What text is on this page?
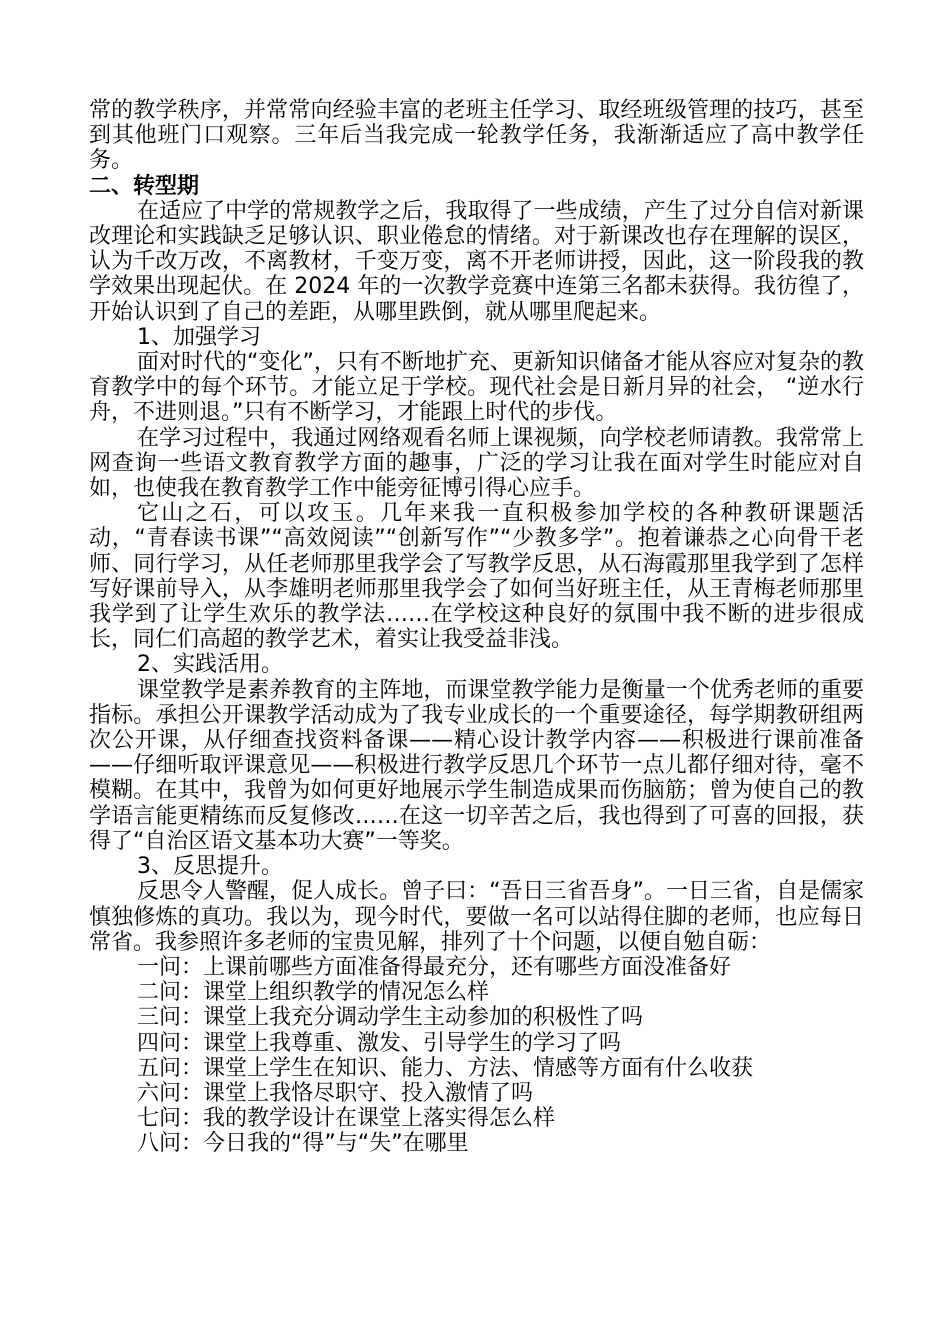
常的教学秩序，并常常向经验丰富的老班主任学习、取经班级管理的技巧，甚至到其他班门口观察。三年后当我完成一轮教学任务，我渐渐适应了高中教学任务。

二、转型期

在适应了中学的常规教学之后，我取得了一些成绩，产生了过分自信对新课改理论和实践缺乏足够认识、职业倦怠的情绪。对于新课改也存在理解的误区，认为千改万改，不离教材，千变万变，离不开老师讲授，因此，这一阶段我的教学效果出现起伏。在 2024 年的一次教学竞赛中连第三名都未获得。我彷徨了，开始认识到了自己的差距，从哪里跌倒，就从哪里爬起来。

1、加强学习

面对时代的“变化”，只有不断地扩充、更新知识储备才能从容应对复杂的教育教学中的每个环节。才能立足于学校。现代社会是日新月异的社会， “逆水行舟，不进则退。”只有不断学习，才能跟上时代的步伐。

在学习过程中，我通过网络观看名师上课视频，向学校老师请教。我常常上网查询一些语文教育教学方面的趣事，广泛的学习让我在面对学生时能应对自如，也使我在教育教学工作中能旁征博引得心应手。

它山之石，可以攻玉。几年来我一直积极参加学校的各种教研课题活动，“青春读书课”“高效阅读”“创新写作”“少教多学”。抱着谦恭之心向骨干老师、同行学习，从任老师那里我学会了写教学反思，从石海霞那里我学到了怎样写好课前导入，从李雄明老师那里我学会了如何当好班主任，从王青梅老师那里我学到了让学生欢乐的教学法……在学校这种良好的氛围中我不断的进步很成长，同仁们高超的教学艺术，着实让我受益非浅。

2、实践活用。

课堂教学是素养教育的主阵地，而课堂教学能力是衡量一个优秀老师的重要指标。承担公开课教学活动成为了我专业成长的一个重要途径，每学期教研组两次公开课，从仔细查找资料备课——精心设计教学内容——积极进行课前准备——仔细听取评课意见——积极进行教学反思几个环节一点儿都仔细对待，毫不模糊。在其中，我曾为如何更好地展示学生制造成果而伤脑筋；曾为使自己的教学语言能更精练而反复修改……在这一切辛苦之后，我也得到了可喜的回报，获得了“自治区语文基本功大赛”一等奖。

3、反思提升。

反思令人警醒，促人成长。曾子曰：“吾日三省吾身”。一日三省，自是儒家慎独修炼的真功。我以为，现今时代，要做一名可以站得住脚的老师，也应每日常省。我参照许多老师的宝贵见解，排列了十个问题，以便自勉自砺：

一问：上课前哪些方面准备得最充分，还有哪些方面没准备好

二问：课堂上组织教学的情况怎么样

三问：课堂上我充分调动学生主动参加的积极性了吗

四问：课堂上我尊重、激发、引导学生的学习了吗

五问：课堂上学生在知识、能力、方法、情感等方面有什么收获

六问：课堂上我恪尽职守、投入激情了吗

七问：我的教学设计在课堂上落实得怎么样

八问：今日我的“得”与“失”在哪里
